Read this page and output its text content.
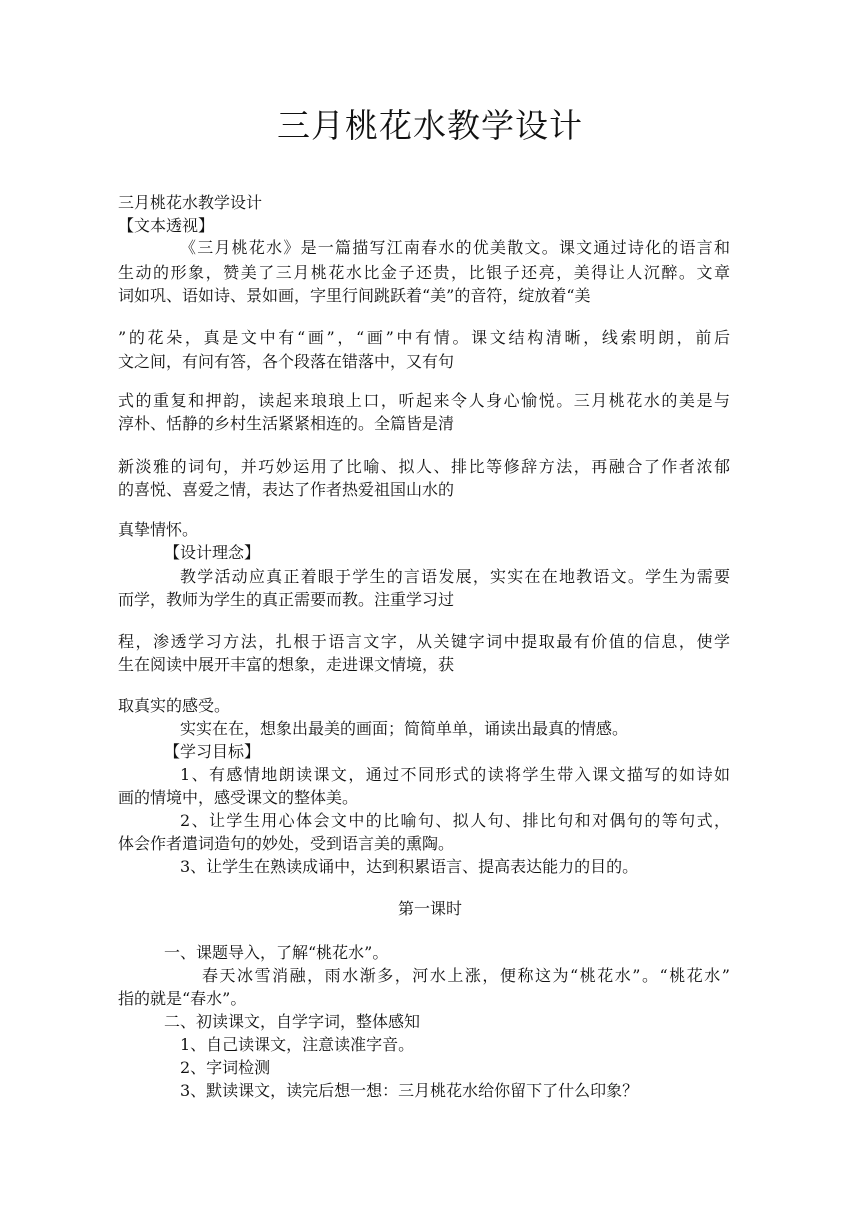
三月桃花水教学设计
三月桃花水教学设计
【文本透视】
《三月桃花水》是一篇描写江南春水的优美散文。课文通过诗化的语言和
生动的形象，赞美了三月桃花水比金子还贵，比银子还亮，美得让人沉醉。文章
词如巩、语如诗、景如画，字里行间跳跃着“美”的音符，绽放着“美
”的花朵，真是文中有“画”，“画”中有情。课文结构清晰，线索明朗，前后
文之间，有问有答，各个段落在错落中，又有句
式的重复和押韵，读起来琅琅上口，听起来令人身心愉悦。三月桃花水的美是与
淳朴、恬静的乡村生活紧紧相连的。全篇皆是清
新淡雅的词句，并巧妙运用了比喻、拟人、排比等修辞方法，再融合了作者浓郁
的喜悦、喜爱之情，表达了作者热爱祖国山水的
真挚情怀。
【设计理念】
教学活动应真正着眼于学生的言语发展，实实在在地教语文。学生为需要
而学，教师为学生的真正需要而教。注重学习过
程，渗透学习方法，扎根于语言文字，从关键字词中提取最有价值的信息，使学
生在阅读中展开丰富的想象，走进课文情境，获
取真实的感受。
实实在在，想象出最美的画面；简简单单，诵读出最真的情感。
【学习目标】
1、有感情地朗读课文，通过不同形式的读将学生带入课文描写的如诗如
画的情境中，感受课文的整体美。
2、让学生用心体会文中的比喻句、拟人句、排比句和对偶句的等句式，
体会作者遣词造句的妙处，受到语言美的熏陶。
3、让学生在熟读成诵中，达到积累语言、提高表达能力的目的。
第一课时
一、课题导入，了解“桃花水”。
春天冰雪消融，雨水渐多，河水上涨，便称这为“桃花水”。“桃花水”
指的就是“春水”。
二、初读课文，自学字词，整体感知
1、自己读课文，注意读准字音。
2、字词检测
3、默读课文，读完后想一想：三月桃花水给你留下了什么印象？
